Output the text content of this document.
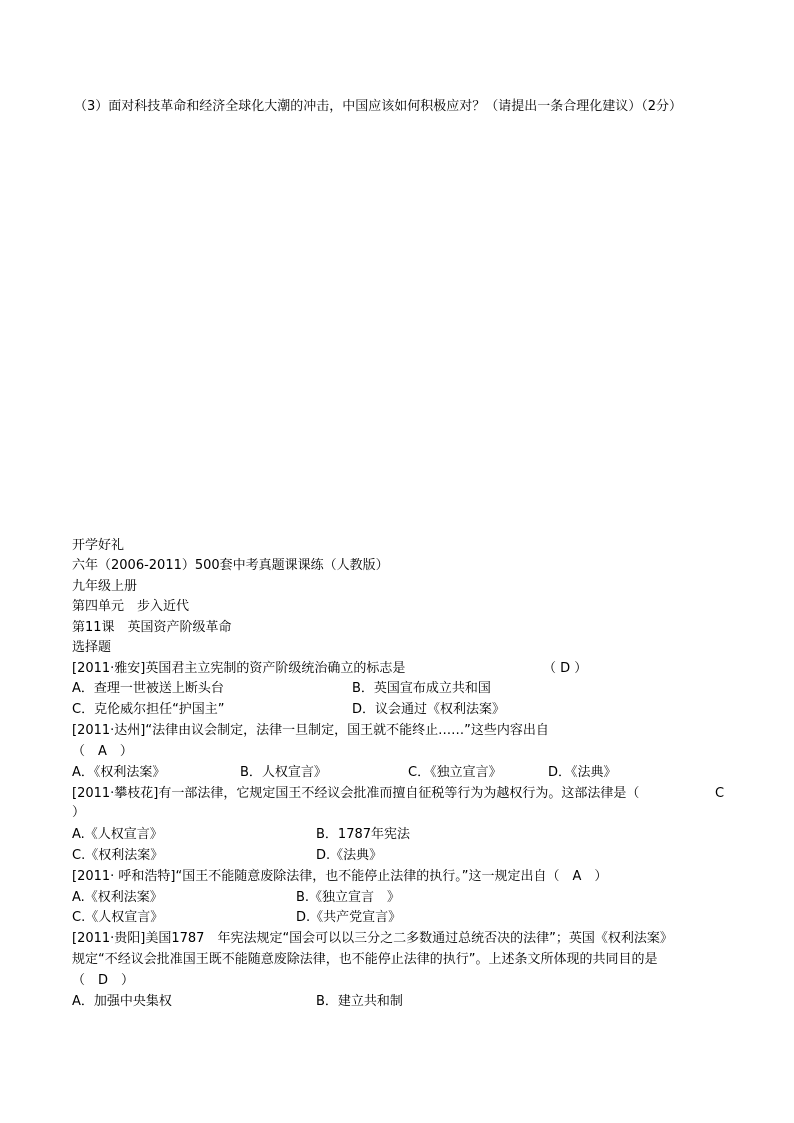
（3）面对科技革命和经济全球化大潮的冲击，中国应该如何积极应对？（请提出一条合理化建议）（2分）
开学好礼
六年（2006-2011）500套中考真题课课练（人教版）
九年级上册
第四单元　步入近代
第11课　英国资产阶级革命
选择题
[2011·雅安]英国君主立宪制的资产阶级统治确立的标志是	（ D ）
A．查理一世被送上断头台	B．英国宣布成立共和国
C．克伦威尔担任“护国主”	D．议会通过《权利法案》
[2011·达州]“法律由议会制定，法律一旦制定，国王就不能终止……”这些内容出自
（　A　）
A．《权利法案》	B．人权宣言》	C．《独立宣言》	D．《法典》
[2011·攀枝花]有一部法律，它规定国王不经议会批准而擅自征税等行为为越权行为。这部法律是（	C
）
A.《人权宣言》	B．1787年宪法
C.《权利法案》	D.《法典》
[2011· 呼和浩特]“国王不能随意废除法律，也不能停止法律的执行。”这一规定出自（　A　）
A.《权利法案》	B.《独立宣言　》
C.《人权宣言》	D.《共产党宣言》
[2011·贵阳]美国1787　年宪法规定“国会可以以三分之二多数通过总统否决的法律”；英国《权利法案》
规定“不经议会批准国王既不能随意废除法律，也不能停止法律的执行”。上述条文所体现的共同目的是
（　D　）
A．加强中央集权	B．建立共和制
